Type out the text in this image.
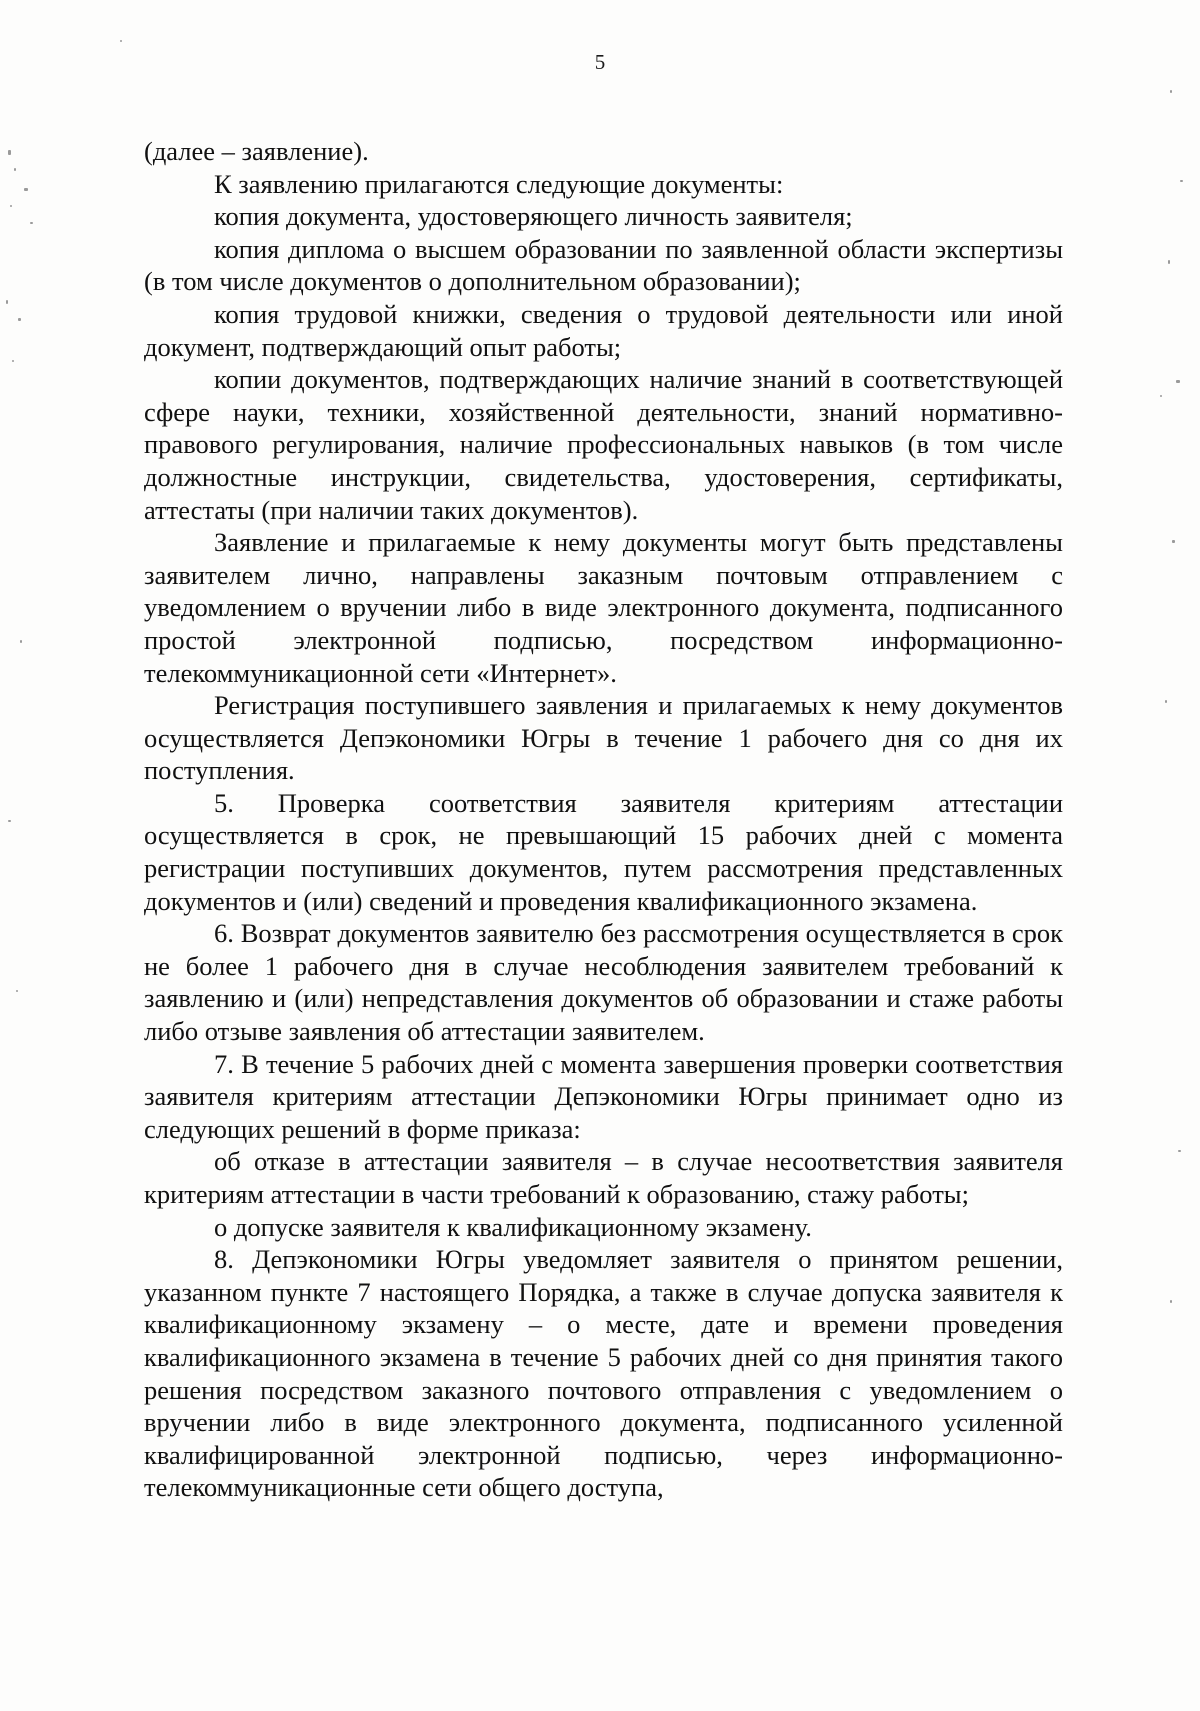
5

(далее – заявление).

К заявлению прилагаются следующие документы:

копия документа, удостоверяющего личность заявителя;

копия диплома о высшем образовании по заявленной области экспертизы (в том числе документов о дополнительном образовании);

копия трудовой книжки, сведения о трудовой деятельности или иной документ, подтверждающий опыт работы;

копии документов, подтверждающих наличие знаний в соответствующей сфере науки, техники, хозяйственной деятельности, знаний нормативно-правового регулирования, наличие профессиональных навыков (в том числе должностные инструкции, свидетельства, удостоверения, сертификаты, аттестаты (при наличии таких документов).

Заявление и прилагаемые к нему документы могут быть представлены заявителем лично, направлены заказным почтовым отправлением с уведомлением о вручении либо в виде электронного документа, подписанного простой электронной подписью, посредством информационно-телекоммуникационной сети «Интернет».

Регистрация поступившего заявления и прилагаемых к нему документов осуществляется Депэкономики Югры в течение 1 рабочего дня со дня их поступления.

5. Проверка соответствия заявителя критериям аттестации осуществляется в срок, не превышающий 15 рабочих дней с момента регистрации поступивших документов, путем рассмотрения представленных документов и (или) сведений и проведения квалификационного экзамена.

6. Возврат документов заявителю без рассмотрения осуществляется в срок не более 1 рабочего дня в случае несоблюдения заявителем требований к заявлению и (или) непредставления документов об образовании и стаже работы либо отзыве заявления об аттестации заявителем.

7. В течение 5 рабочих дней с момента завершения проверки соответствия заявителя критериям аттестации Депэкономики Югры принимает одно из следующих решений в форме приказа:

об отказе в аттестации заявителя – в случае несоответствия заявителя критериям аттестации в части требований к образованию, стажу работы;

о допуске заявителя к квалификационному экзамену.

8. Депэкономики Югры уведомляет заявителя о принятом решении, указанном пункте 7 настоящего Порядка, а также в случае допуска заявителя к квалификационному экзамену – о месте, дате и времени проведения квалификационного экзамена в течение 5 рабочих дней со дня принятия такого решения посредством заказного почтового отправления с уведомлением о вручении либо в виде электронного документа, подписанного усиленной квалифицированной электронной подписью, через информационно-телекоммуникационные сети общего доступа,
